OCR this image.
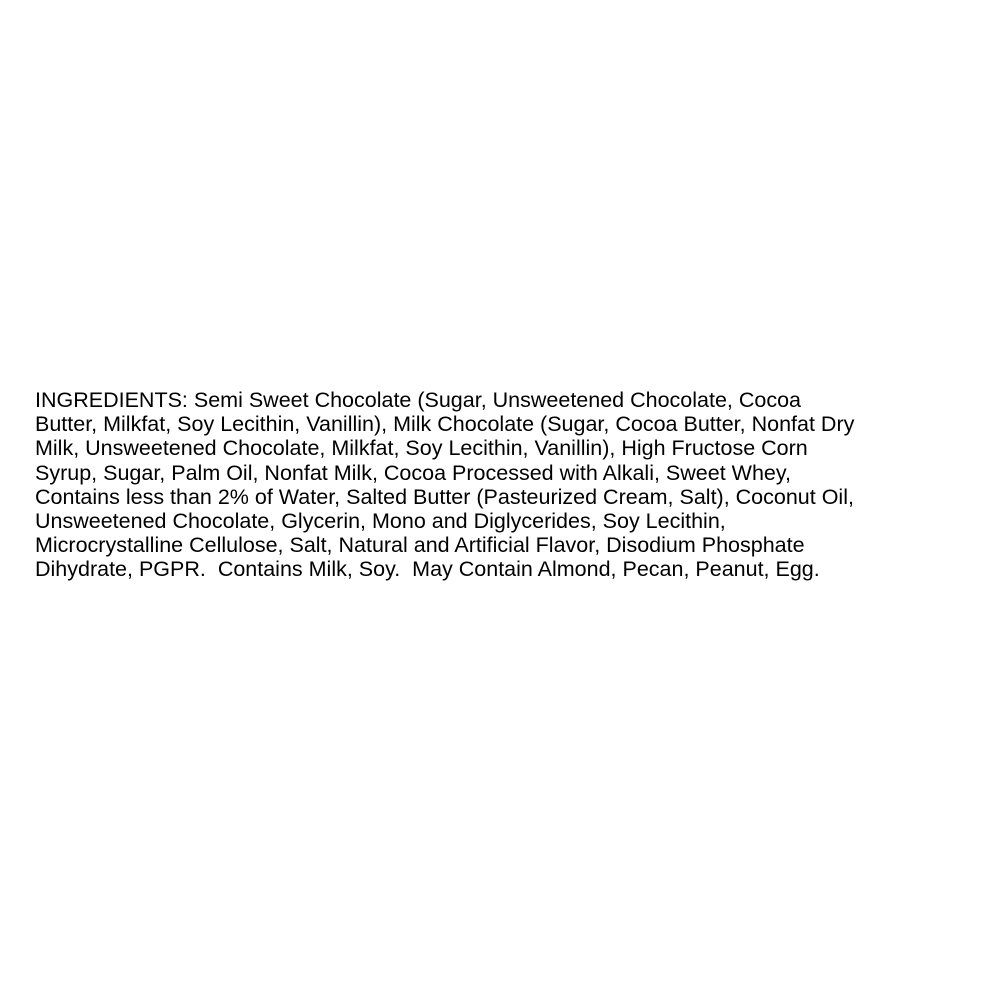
INGREDIENTS: Semi Sweet Chocolate (Sugar, Unsweetened Chocolate, Cocoa
Butter, Milkfat, Soy Lecithin, Vanillin), Milk Chocolate (Sugar, Cocoa Butter, Nonfat Dry
Milk, Unsweetened Chocolate, Milkfat, Soy Lecithin, Vanillin), High Fructose Corn
Syrup, Sugar, Palm Oil, Nonfat Milk, Cocoa Processed with Alkali, Sweet Whey,
Contains less than 2% of Water, Salted Butter (Pasteurized Cream, Salt), Coconut Oil,
Unsweetened Chocolate, Glycerin, Mono and Diglycerides, Soy Lecithin,
Microcrystalline Cellulose, Salt, Natural and Artificial Flavor, Disodium Phosphate
Dihydrate, PGPR.  Contains Milk, Soy.  May Contain Almond, Pecan, Peanut, Egg.
